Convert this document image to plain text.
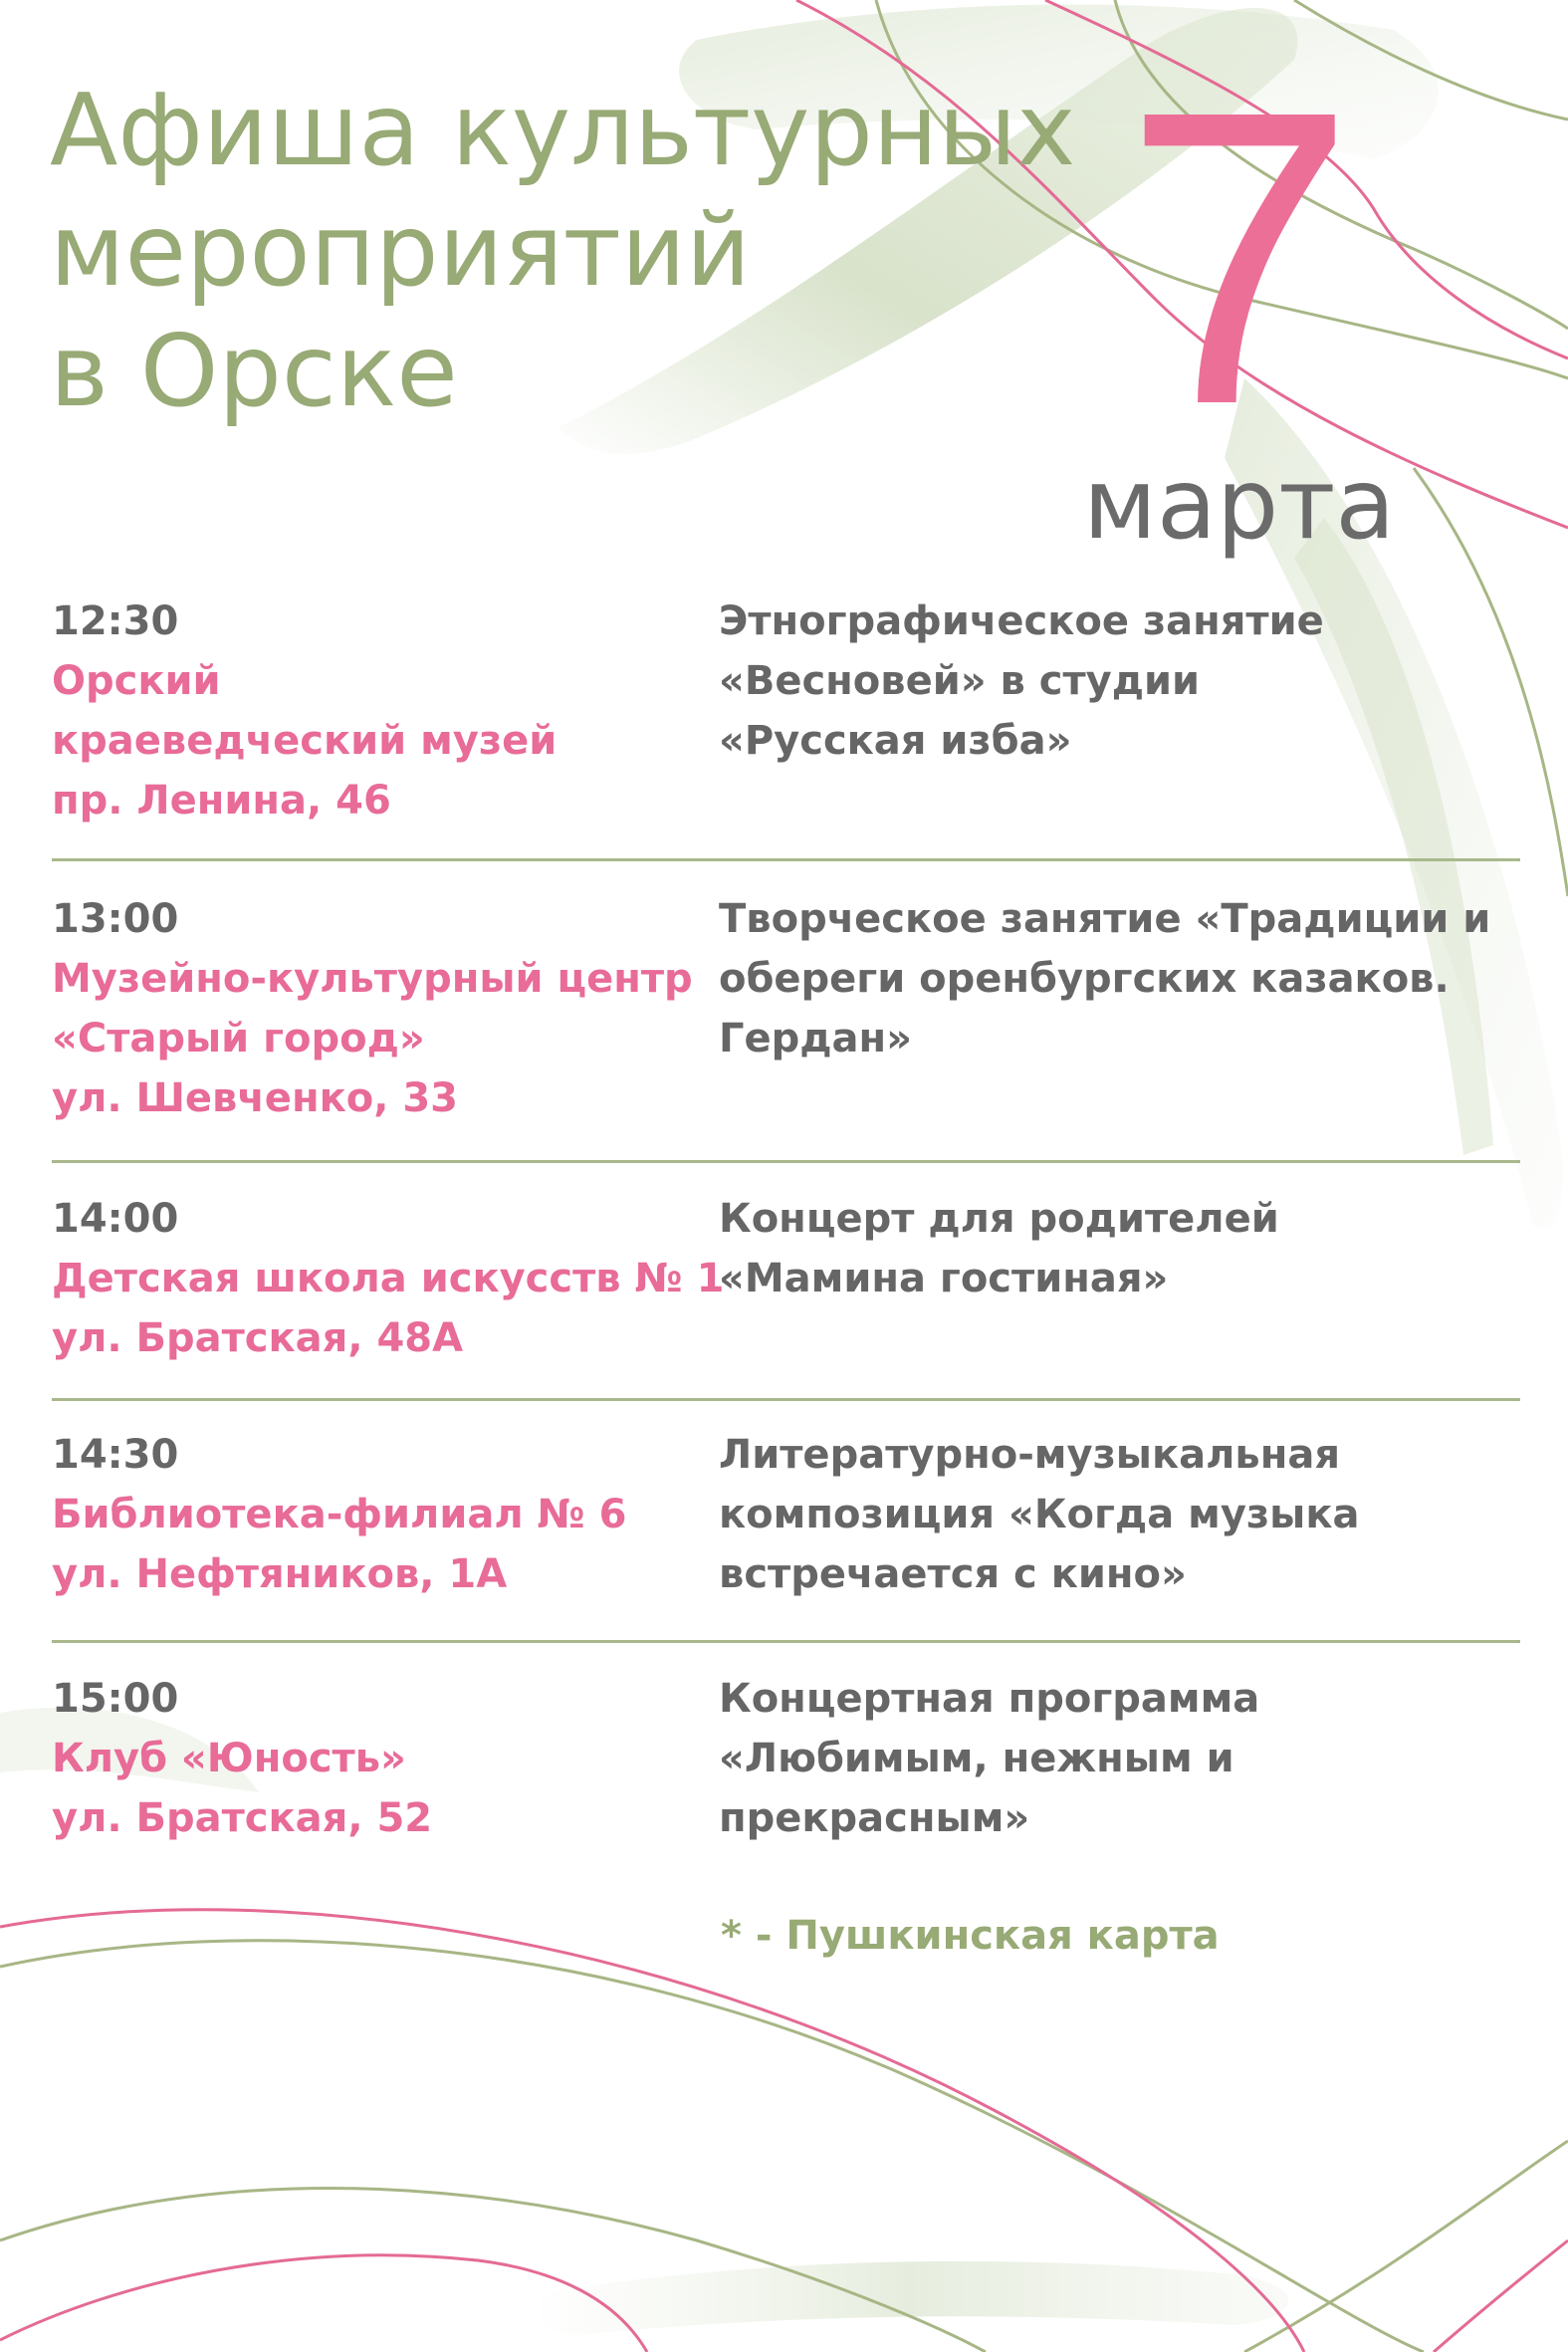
Афиша культурных
мероприятий
в Орске	7
марта
12:30
Орский
краеведческий музей
пр. Ленина, 46
Этнографическое занятие
«Весновей» в студии
«Русская изба»
13:00
Музейно-культурный центр
«Старый город»
ул. Шевченко, 33
Творческое занятие «Традиции и
обереги оренбургских казаков.
Гердан»
14:00
Детская школа искусств № 1
ул. Братская, 48А
Концерт для родителей
«Мамина гостиная»
14:30
Библиотека-филиал № 6
ул. Нефтяников, 1А
Литературно-музыкальная
композиция «Когда музыка
встречается с кино»
15:00
Клуб «Юность»
ул. Братская, 52
Концертная программа
«Любимым, нежным и
прекрасным»
* - Пушкинская карта
